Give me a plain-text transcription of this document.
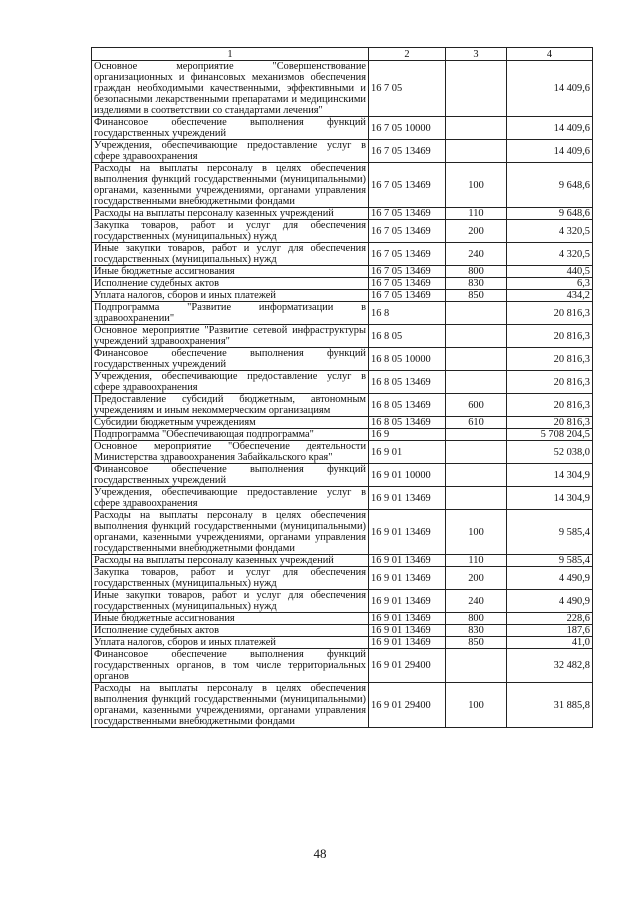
1	2	3	4
Основное мероприятие "Совершенствование организационных и финансовых механизмов обеспечения граждан необходимыми качественными, эффективными и безопасными лекарственными препаратами и медицинскими изделиями в соответствии со стандартами лечения"	16 7 05		14 409,6
Финансовое обеспечение выполнения функций государственных учреждений	16 7 05 10000		14 409,6
Учреждения, обеспечивающие предоставление услуг в сфере здравоохранения	16 7 05 13469		14 409,6
Расходы на выплаты персоналу в целях обеспечения выполнения функций государственными (муниципальными) органами, казенными учреждениями, органами управления государственными внебюджетными фондами	16 7 05 13469	100	9 648,6
Расходы на выплаты персоналу казенных учреждений	16 7 05 13469	110	9 648,6
Закупка товаров, работ и услуг для обеспечения государственных (муниципальных) нужд	16 7 05 13469	200	4 320,5
Иные закупки товаров, работ и услуг для обеспечения государственных (муниципальных) нужд	16 7 05 13469	240	4 320,5
Иные бюджетные ассигнования	16 7 05 13469	800	440,5
Исполнение судебных актов	16 7 05 13469	830	6,3
Уплата налогов, сборов и иных платежей	16 7 05 13469	850	434,2
Подпрограмма "Развитие информатизации в здравоохранении"	16 8		20 816,3
Основное мероприятие "Развитие сетевой инфраструктуры учреждений здравоохранения"	16 8 05		20 816,3
Финансовое обеспечение выполнения функций государственных учреждений	16 8 05 10000		20 816,3
Учреждения, обеспечивающие предоставление услуг в сфере здравоохранения	16 8 05 13469		20 816,3
Предоставление субсидий бюджетным, автономным учреждениям и иным некоммерческим организациям	16 8 05 13469	600	20 816,3
Субсидии бюджетным учреждениям	16 8 05 13469	610	20 816,3
Подпрограмма "Обеспечивающая подпрограмма"	16 9		5 708 204,5
Основное мероприятие "Обеспечение деятельности Министерства здравоохранения Забайкальского края"	16 9 01		52 038,0
Финансовое обеспечение выполнения функций государственных учреждений	16 9 01 10000		14 304,9
Учреждения, обеспечивающие предоставление услуг в сфере здравоохранения	16 9 01 13469		14 304,9
Расходы на выплаты персоналу в целях обеспечения выполнения функций государственными (муниципальными) органами, казенными учреждениями, органами управления государственными внебюджетными фондами	16 9 01 13469	100	9 585,4
Расходы на выплаты персоналу казенных учреждений	16 9 01 13469	110	9 585,4
Закупка товаров, работ и услуг для обеспечения государственных (муниципальных) нужд	16 9 01 13469	200	4 490,9
Иные закупки товаров, работ и услуг для обеспечения государственных (муниципальных) нужд	16 9 01 13469	240	4 490,9
Иные бюджетные ассигнования	16 9 01 13469	800	228,6
Исполнение судебных актов	16 9 01 13469	830	187,6
Уплата налогов, сборов и иных платежей	16 9 01 13469	850	41,0
Финансовое обеспечение выполнения функций государственных органов, в том числе территориальных органов	16 9 01 29400		32 482,8
Расходы на выплаты персоналу в целях обеспечения выполнения функций государственными (муниципальными) органами, казенными учреждениями, органами управления государственными внебюджетными фондами	16 9 01 29400	100	31 885,8
48
